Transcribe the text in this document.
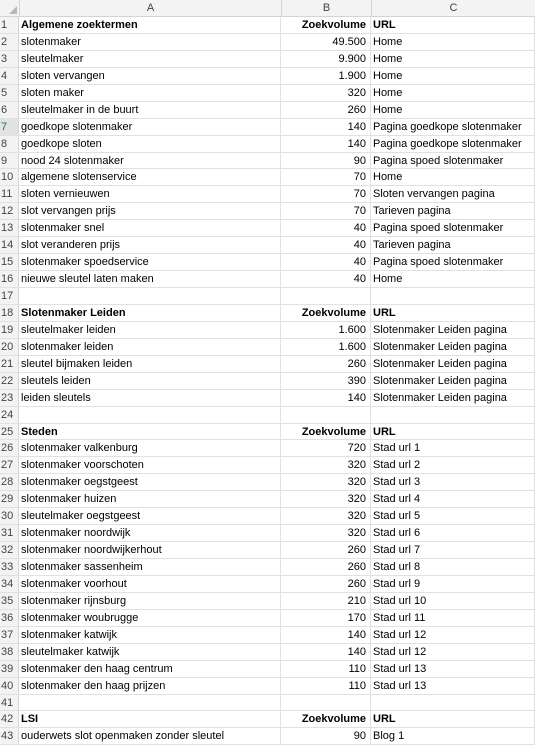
A	B	C
1	Algemene zoektermen	Zoekvolume URL
2	slotenmaker	49.500 Home
3	sleutelmaker	9.900 Home
4	sloten vervangen	1.900 Home
5	sloten maker	320 Home
6	sleutelmaker in de buurt	260 Home
7	goedkope slotenmaker	140 Pagina goedkope slotenmaker
8	goedkope sloten	140 Pagina goedkope slotenmaker
9	nood 24 slotenmaker	90 Pagina spoed slotenmaker
10 algemene slotenservice	70 Home
11 sloten vernieuwen	70 Sloten vervangen pagina
12 slot vervangen prijs	70 Tarieven pagina
13 slotenmaker snel	40 Pagina spoed slotenmaker
14 slot veranderen prijs	40 Tarieven pagina
15 slotenmaker spoedservice	40 Pagina spoed slotenmaker
16 nieuwe sleutel laten maken	40 Home
17
18 Slotenmaker Leiden	Zoekvolume URL
19 sleutelmaker leiden	1.600 Slotenmaker Leiden pagina
20 slotenmaker leiden	1.600 Slotenmaker Leiden pagina
21 sleutel bijmaken leiden	260 Slotenmaker Leiden pagina
22 sleutels leiden	390 Slotenmaker Leiden pagina
23 leiden sleutels	140 Slotenmaker Leiden pagina
24
25 Steden	Zoekvolume URL
26 slotenmaker valkenburg	720 Stad url 1
27 slotenmaker voorschoten	320 Stad url 2
28 slotenmaker oegstgeest	320 Stad url 3
29 slotenmaker huizen	320 Stad url 4
30 sleutelmaker oegstgeest	320 Stad url 5
31 slotenmaker noordwijk	320 Stad url 6
32 slotenmaker noordwijkerhout	260 Stad url 7
33 slotenmaker sassenheim	260 Stad url 8
34 slotenmaker voorhout	260 Stad url 9
35 slotenmaker rijnsburg	210 Stad url 10
36 slotenmaker woubrugge	170 Stad url 11
37 slotenmaker katwijk	140 Stad url 12
38 sleutelmaker katwijk	140 Stad url 12
39 slotenmaker den haag centrum	110 Stad url 13
40 slotenmaker den haag prijzen	110 Stad url 13
41
42 LSI	Zoekvolume URL
43 ouderwets slot openmaken zonder sleutel	90 Blog 1
